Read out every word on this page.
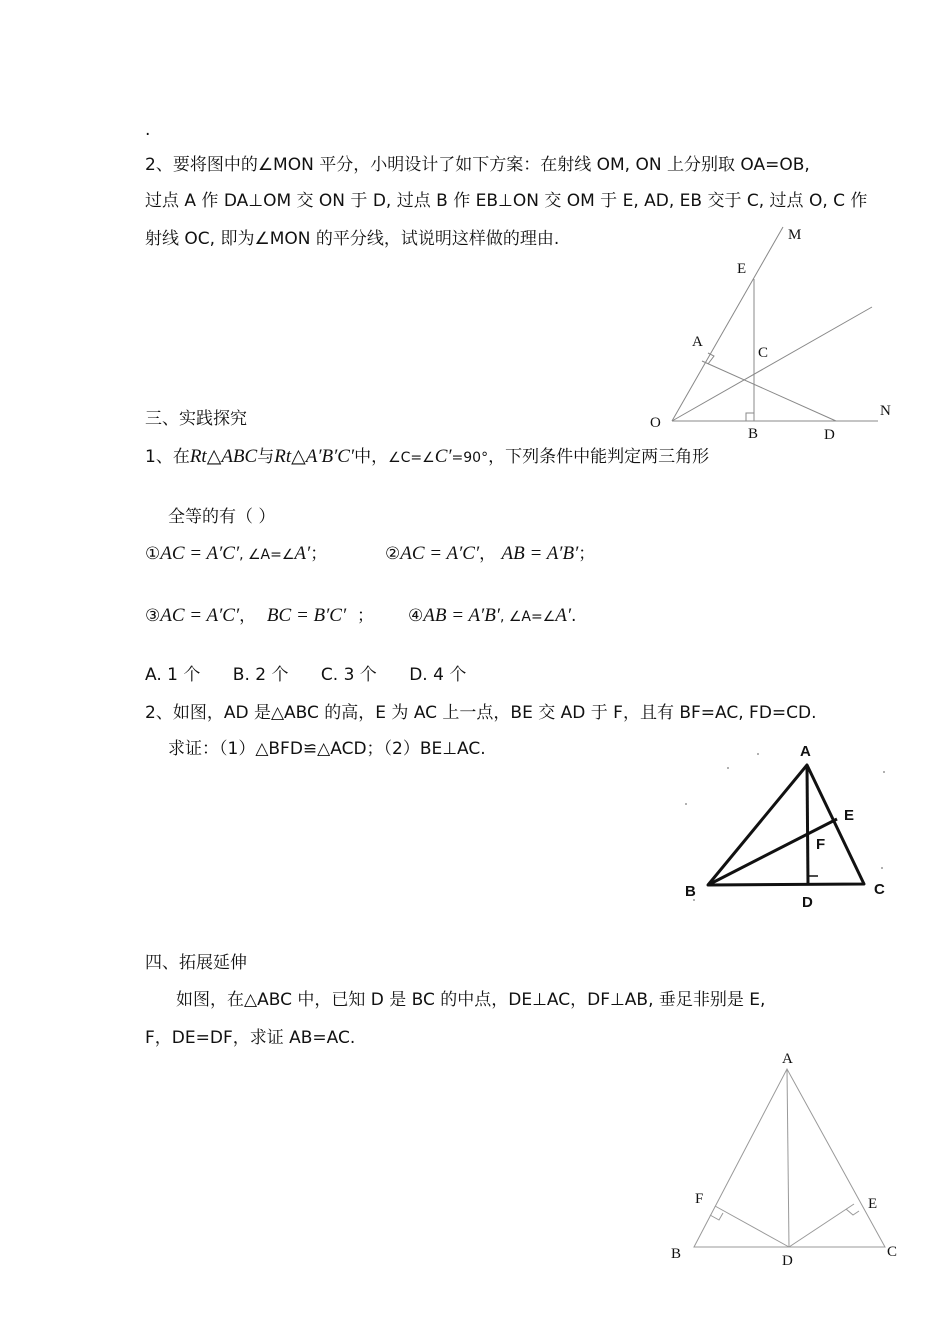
.
2、要将图中的∠MON 平分，小明设计了如下方案：在射线 OM, ON 上分别取 OA=OB,
过点 A 作 DA⊥OM 交 ON 于 D, 过点 B 作 EB⊥ON 交 OM 于 E, AD, EB 交于 C, 过点 O, C 作
射线 OC, 即为∠MON 的平分线，试说明这样做的理由.	M
E
A
C
O
B	D
N
三、实践探究
1、在Rt△ABC与Rt△A′B′C′中，∠C=∠C′=90°，下列条件中能判定两三角形
全等的有（ ）
①AC = A′C′, ∠A=∠A′；	②AC = A′C′， AB = A′B′；
③AC = A′C′， BC = B′C′ ； ④AB = A′B′, ∠A=∠A′.
A. 1 个      B. 2 个      C. 3 个      D. 4 个
2、如图，AD 是△ABC 的高，E 为 AC 上一点，BE 交 AD 于 F，且有 BF=AC, FD=CD.
求证：（1）△BFD≌△ACD；（2）BE⊥AC.	A
E
F
B
D
C
四、拓展延伸
如图，在△ABC 中，已知 D 是 BC 的中点，DE⊥AC，DF⊥AB, 垂足非别是 E,
F，DE=DF，求证 AB=AC.
A
F	E
B	D
C
